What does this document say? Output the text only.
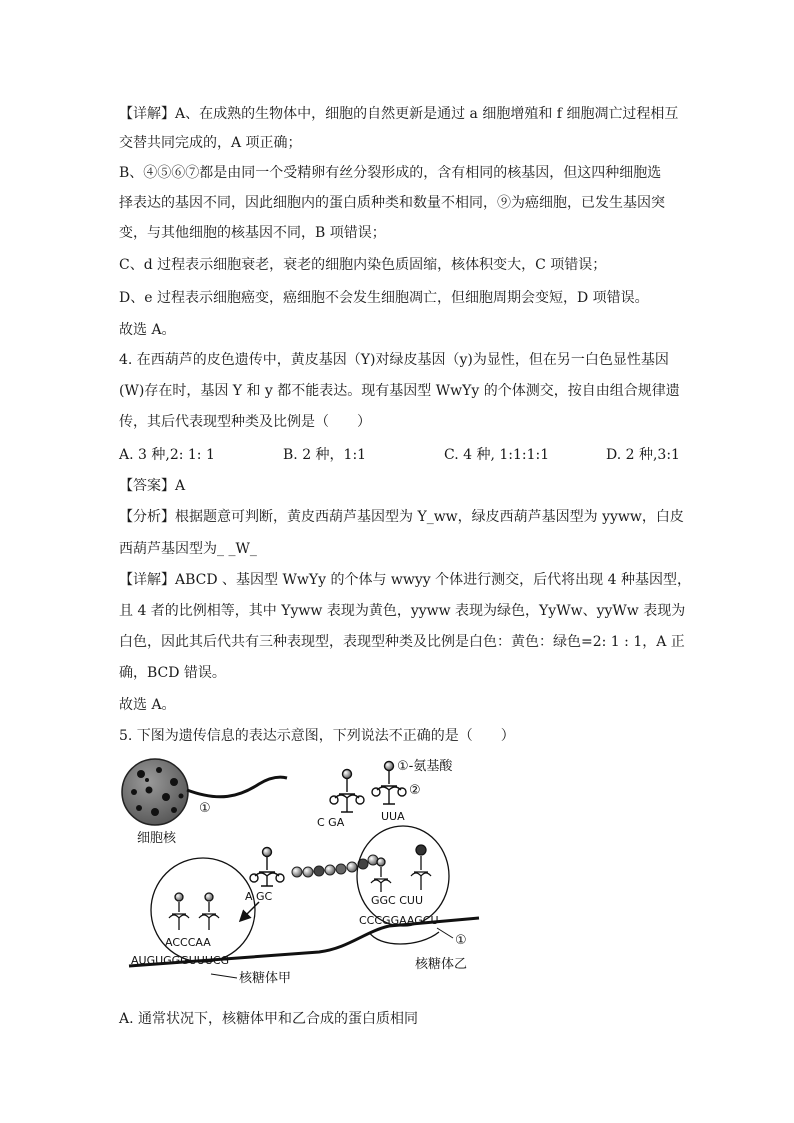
【详解】A、在成熟的生物体中，细胞的自然更新是通过 a 细胞增殖和 f 细胞凋亡过程相互
交替共同完成的，A 项正确；
B、④⑤⑥⑦都是由同一个受精卵有丝分裂形成的，含有相同的核基因，但这四种细胞选
择表达的基因不同，因此细胞内的蛋白质种类和数量不相同，⑨为癌细胞，已发生基因突
变，与其他细胞的核基因不同，B 项错误；
C、d 过程表示细胞衰老，衰老的细胞内染色质固缩，核体积变大，C 项错误；
D、e 过程表示细胞癌变，癌细胞不会发生细胞凋亡，但细胞周期会变短，D 项错误。
故选 A。
4. 在西葫芦的皮色遗传中，黄皮基因（Y)对绿皮基因（y)为显性，但在另一白色显性基因
(W)存在时，基因 Y 和 y 都不能表达。现有基因型 WwYy 的个体测交，按自由组合规律遗
传，其后代表现型种类及比例是（　　）
A. 3 种,2: 1: 1	B. 2 种，1:1	C. 4 种, 1:1:1:1	D. 2 种,3:1
【答案】A
【分析】根据题意可判断，黄皮西葫芦基因型为 Y_ww，绿皮西葫芦基因型为 yyww，白皮
西葫芦基因型为_ _W_
【详解】ABCD 、基因型 WwYy 的个体与 wwyy 个体进行测交，后代将出现 4 种基因型，
且 4 者的比例相等，其中 Yyww 表现为黄色，yyww 表现为绿色，YyWw、yyWw 表现为
白色，因此其后代共有三种表现型，表现型种类及比例是白色：黄色：绿色=2: 1 : 1，A 正
确，BCD 错误。
故选 A。
5. 下图为遗传信息的表达示意图，下列说法不正确的是（　　）
①
细胞核
C GA
①-氨基酸
②
UUA
A GC
ACCCAA
AUGUGGGUUUCG
核糖体甲
GGC CUU
CCCGGAAGCU
①
核糖体乙
A. 通常状况下，核糖体甲和乙合成的蛋白质相同
